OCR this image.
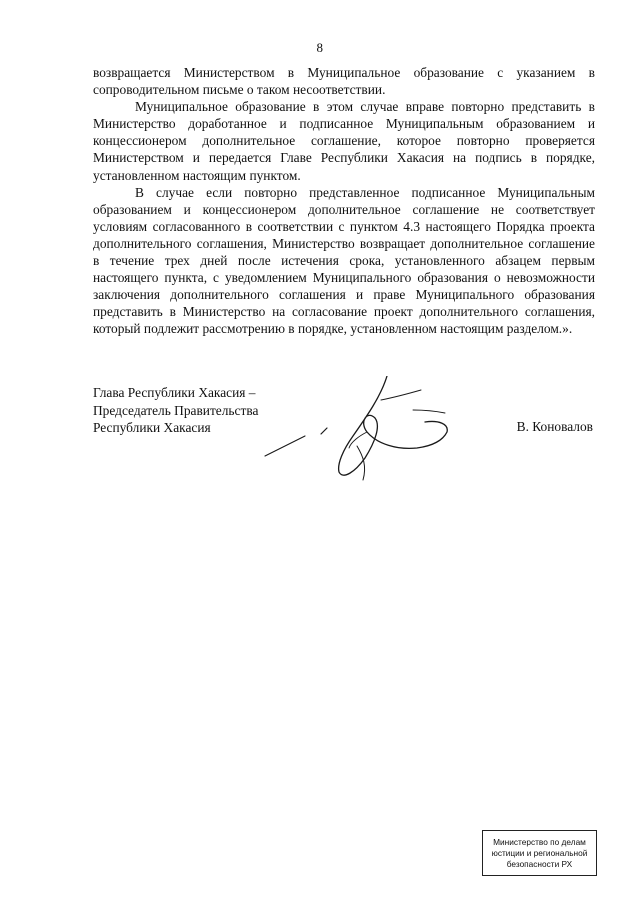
8

возвращается Министерством в Муниципальное образование с указанием в сопроводительном письме о таком несоответствии.

Муниципальное образование в этом случае вправе повторно представить в Министерство доработанное и подписанное Муниципальным образованием и концессионером дополнительное соглашение, которое повторно проверяется Министерством и передается Главе Республики Хакасия на подпись в порядке, установленном настоящим пунктом.

В случае если повторно представленное подписанное Муниципальным образованием и концессионером дополнительное соглашение не соответствует условиям согласованного в соответствии с пунктом 4.3 настоящего Порядка проекта дополнительного соглашения, Министерство возвращает дополнительное соглашение в течение трех дней после истечения срока, установленного абзацем первым настоящего пункта, с уведомлением Муниципального образования о невозможности заключения дополнительного соглашения и праве Муниципального образования представить в Министерство на согласование проект дополнительного соглашения, который подлежит рассмотрению в порядке, установленном настоящим разделом.».

Глава Республики Хакасия –
Председатель Правительства
Республики Хакасия	В. Коновалов
Министерство по делам
юстиции и региональной
безопасности РХ
